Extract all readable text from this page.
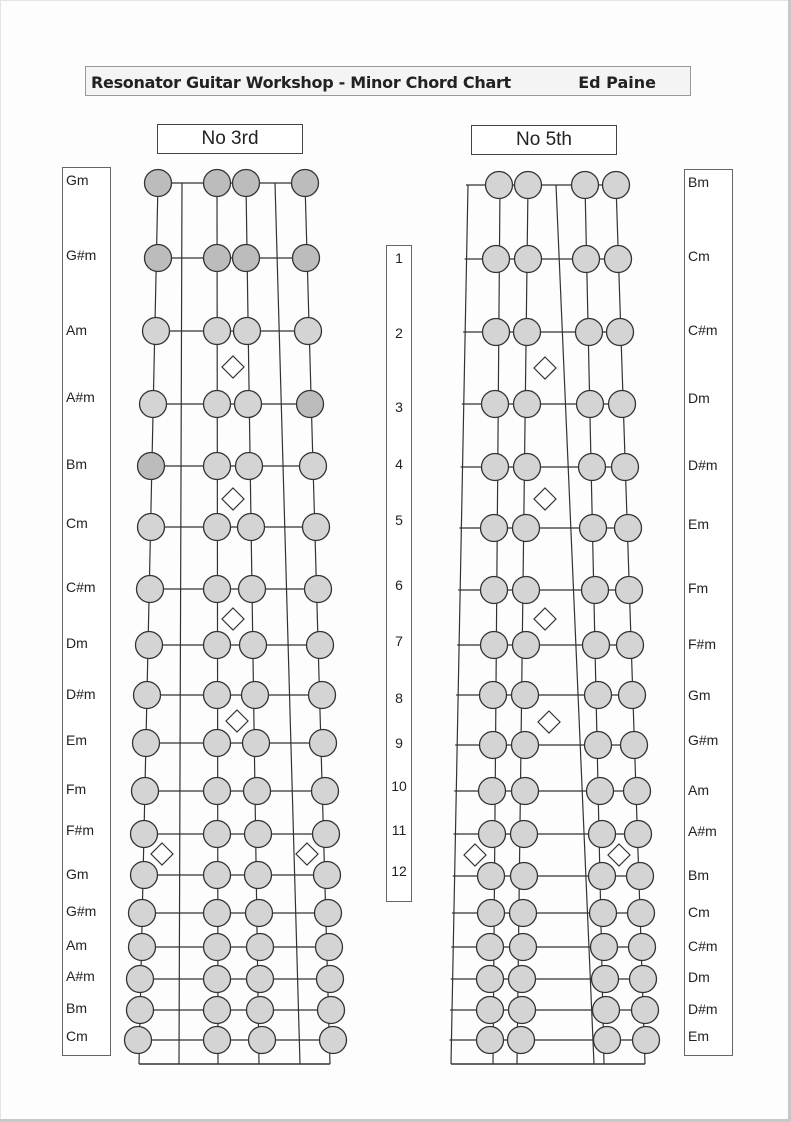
Resonator Guitar Workshop - Minor Chord Chart	Ed Paine
No 3rd	No 5th
Gm
G#m
Am
A#m
Bm
Cm
C#m
Dm
D#m
Em
Fm
F#m
Gm
G#m
Am
A#m
Bm
Cm
Bm
Cm
C#m
Dm
D#m
Em
Fm
F#m
Gm
G#m
Am
A#m
Bm
Cm
C#m
Dm
D#m
Em
1
2
3
4
5
6
7
8
9
10
11
12
